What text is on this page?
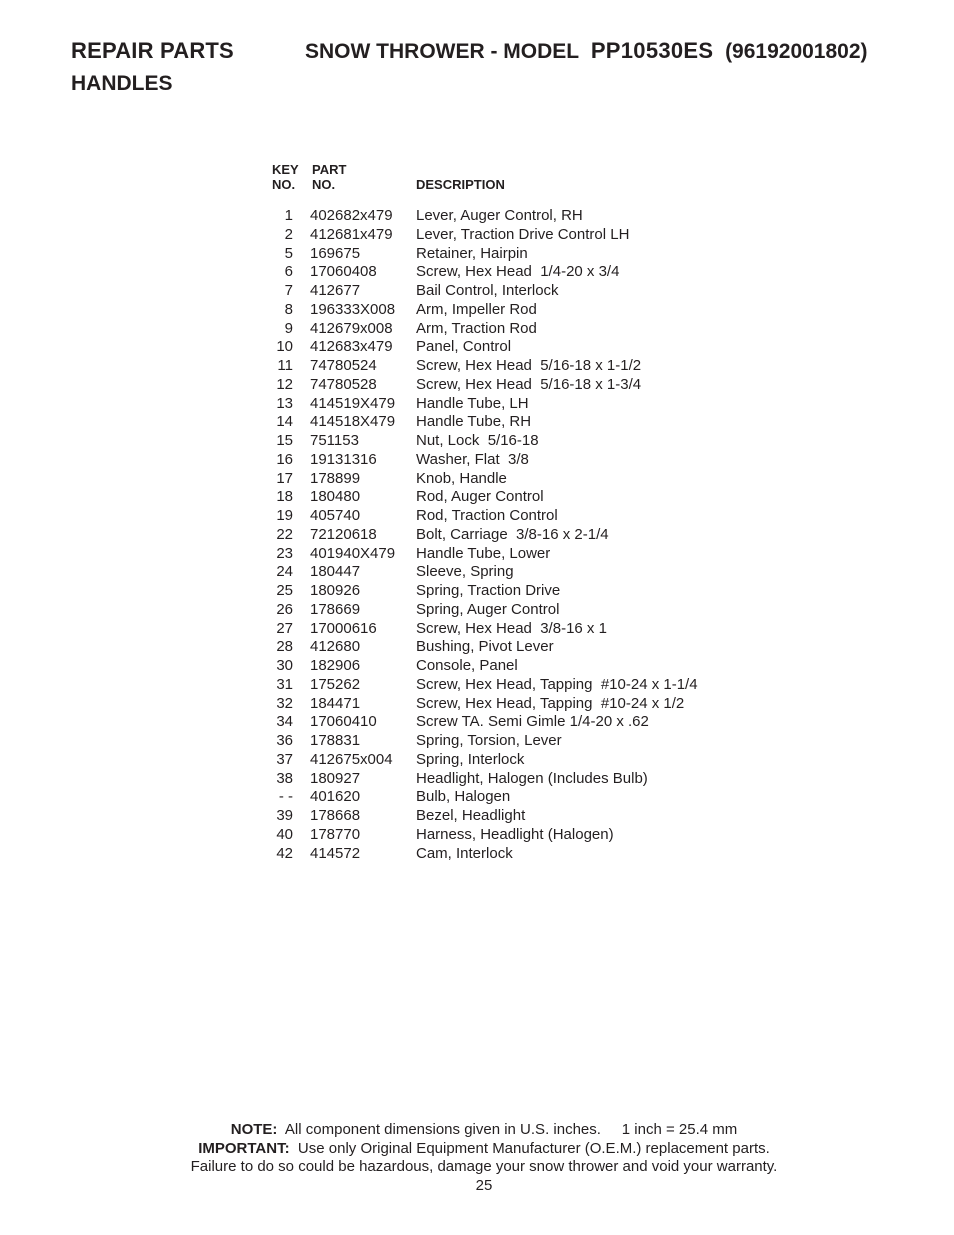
REPAIR PARTS	SNOW THROWER - MODEL PP10530ES (96192001802)
HANDLES
KEY
NO.
PART
NO.	DESCRIPTION
1 402682x479 Lever, Auger Control, RH
2 412681x479 Lever, Traction Drive Control LH
5 169675	Retainer, Hairpin
6 17060408	Screw, Hex Head  1/4-20 x 3/4
7 412677	Bail Control, Interlock
8 196333X008 Arm, Impeller Rod
9 412679x008 Arm, Traction Rod
10 412683x479 Panel, Control
11 74780524	Screw, Hex Head  5/16-18 x 1-1/2
12 74780528	Screw, Hex Head  5/16-18 x 1-3/4
13 414519X479 Handle Tube, LH
14 414518X479 Handle Tube, RH
15 751153	Nut, Lock  5/16-18
16 19131316	Washer, Flat  3/8
17 178899	Knob, Handle
18 180480	Rod, Auger Control
19 405740	Rod, Traction Control
22 72120618	Bolt, Carriage  3/8-16 x 2-1/4
23 401940X479 Handle Tube, Lower
24 180447	Sleeve, Spring
25 180926	Spring, Traction Drive
26 178669	Spring, Auger Control
27 17000616	Screw, Hex Head  3/8-16 x 1
28 412680	Bushing, Pivot Lever
30 182906	Console, Panel
31 175262	Screw, Hex Head, Tapping  #10-24 x 1-1/4
32 184471	Screw, Hex Head, Tapping  #10-24 x 1/2
34 17060410	Screw TA. Semi Gimle 1/4-20 x .62
36 178831	Spring, Torsion, Lever
37 412675x004 Spring, Interlock
38 180927	Headlight, Halogen (Includes Bulb)
- - 401620	Bulb, Halogen
39 178668	Bezel, Headlight
40 178770	Harness, Headlight (Halogen)
42 414572	Cam, Interlock
NOTE:  All component dimensions given in U.S. inches.     1 inch = 25.4 mm
IMPORTANT:  Use only Original Equipment Manufacturer (O.E.M.) replacement parts.
Failure to do so could be hazardous, damage your snow thrower and void your warranty.
25
